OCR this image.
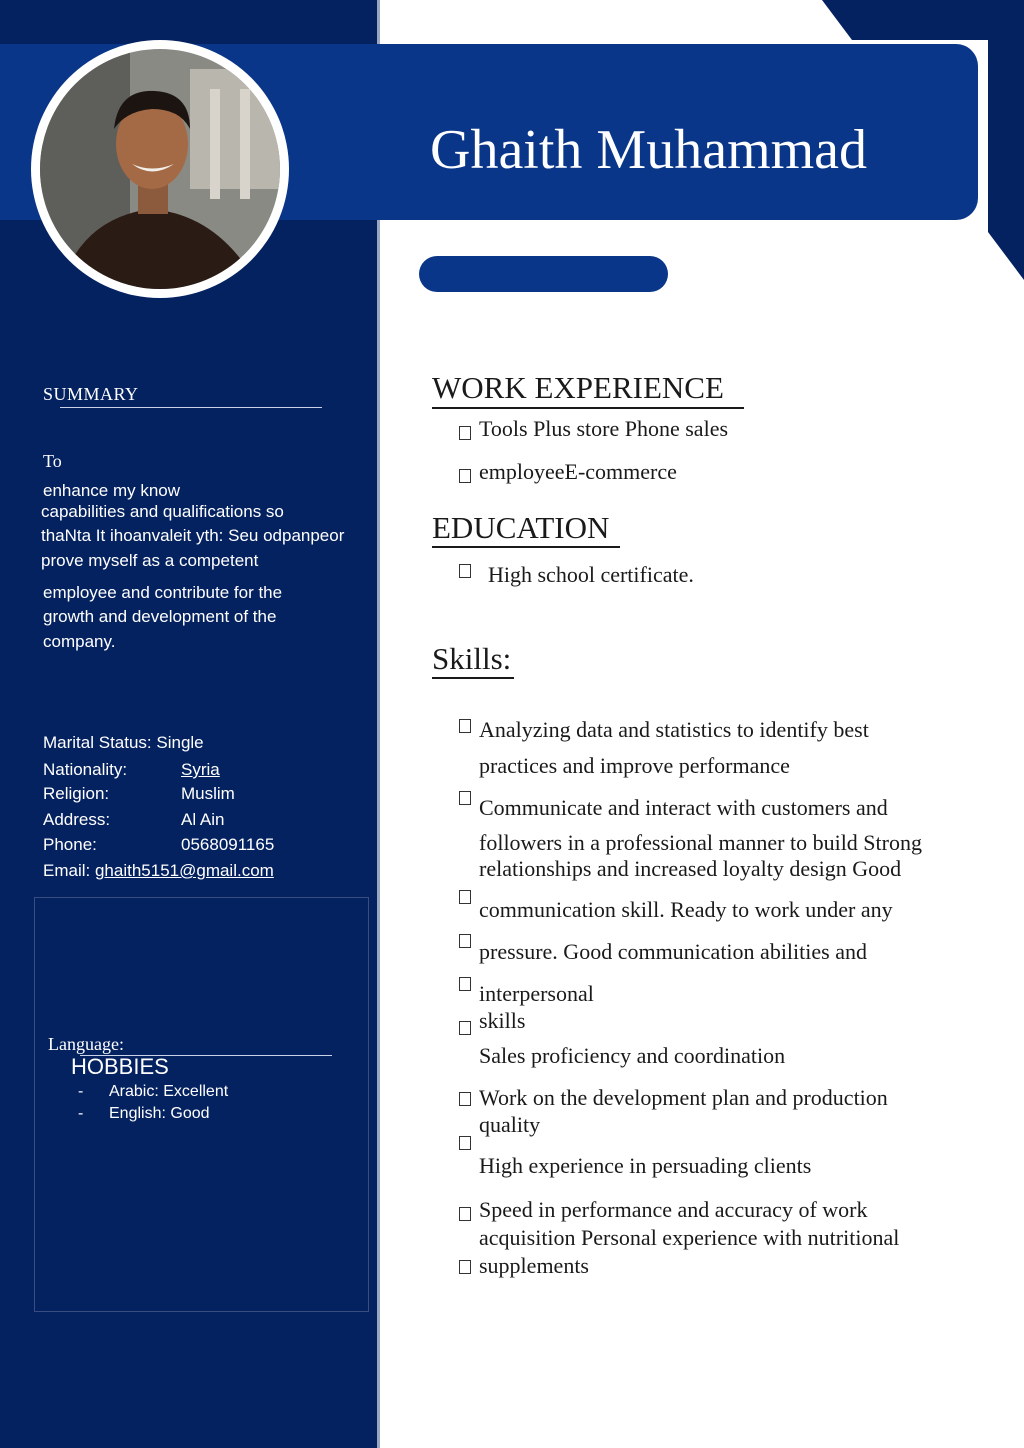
Ghaith Muhammad
SUMMARY
To
enhance my know
capabilities and qualifications so
thaNta It ihoanvaleit yth: Seu odpanpeor
prove myself as a competent
employee and contribute for the
growth and development of the
company.
Marital Status: Single
Nationality:	Syria
Religion:	Muslim
Address:	Al Ain
Phone:	0568091165
Email: ghaith5151@gmail.com
Language:
HOBBIES
- Arabic: Excellent
- English: Good
WORK EXPERIENCE
Tools Plus store Phone sales
employeeE-commerce
EDUCATION
High school certificate.
Skills:
Analyzing data and statistics to identify best
practices and improve performance
Communicate and interact with customers and
followers in a professional manner to build Strong
relationships and increased loyalty design Good
communication skill. Ready to work under any
pressure. Good communication abilities and
interpersonal
skills
Sales proficiency and coordination
Work on the development plan and production
quality
High experience in persuading clients
Speed in performance and accuracy of work
acquisition Personal experience with nutritional
supplements
